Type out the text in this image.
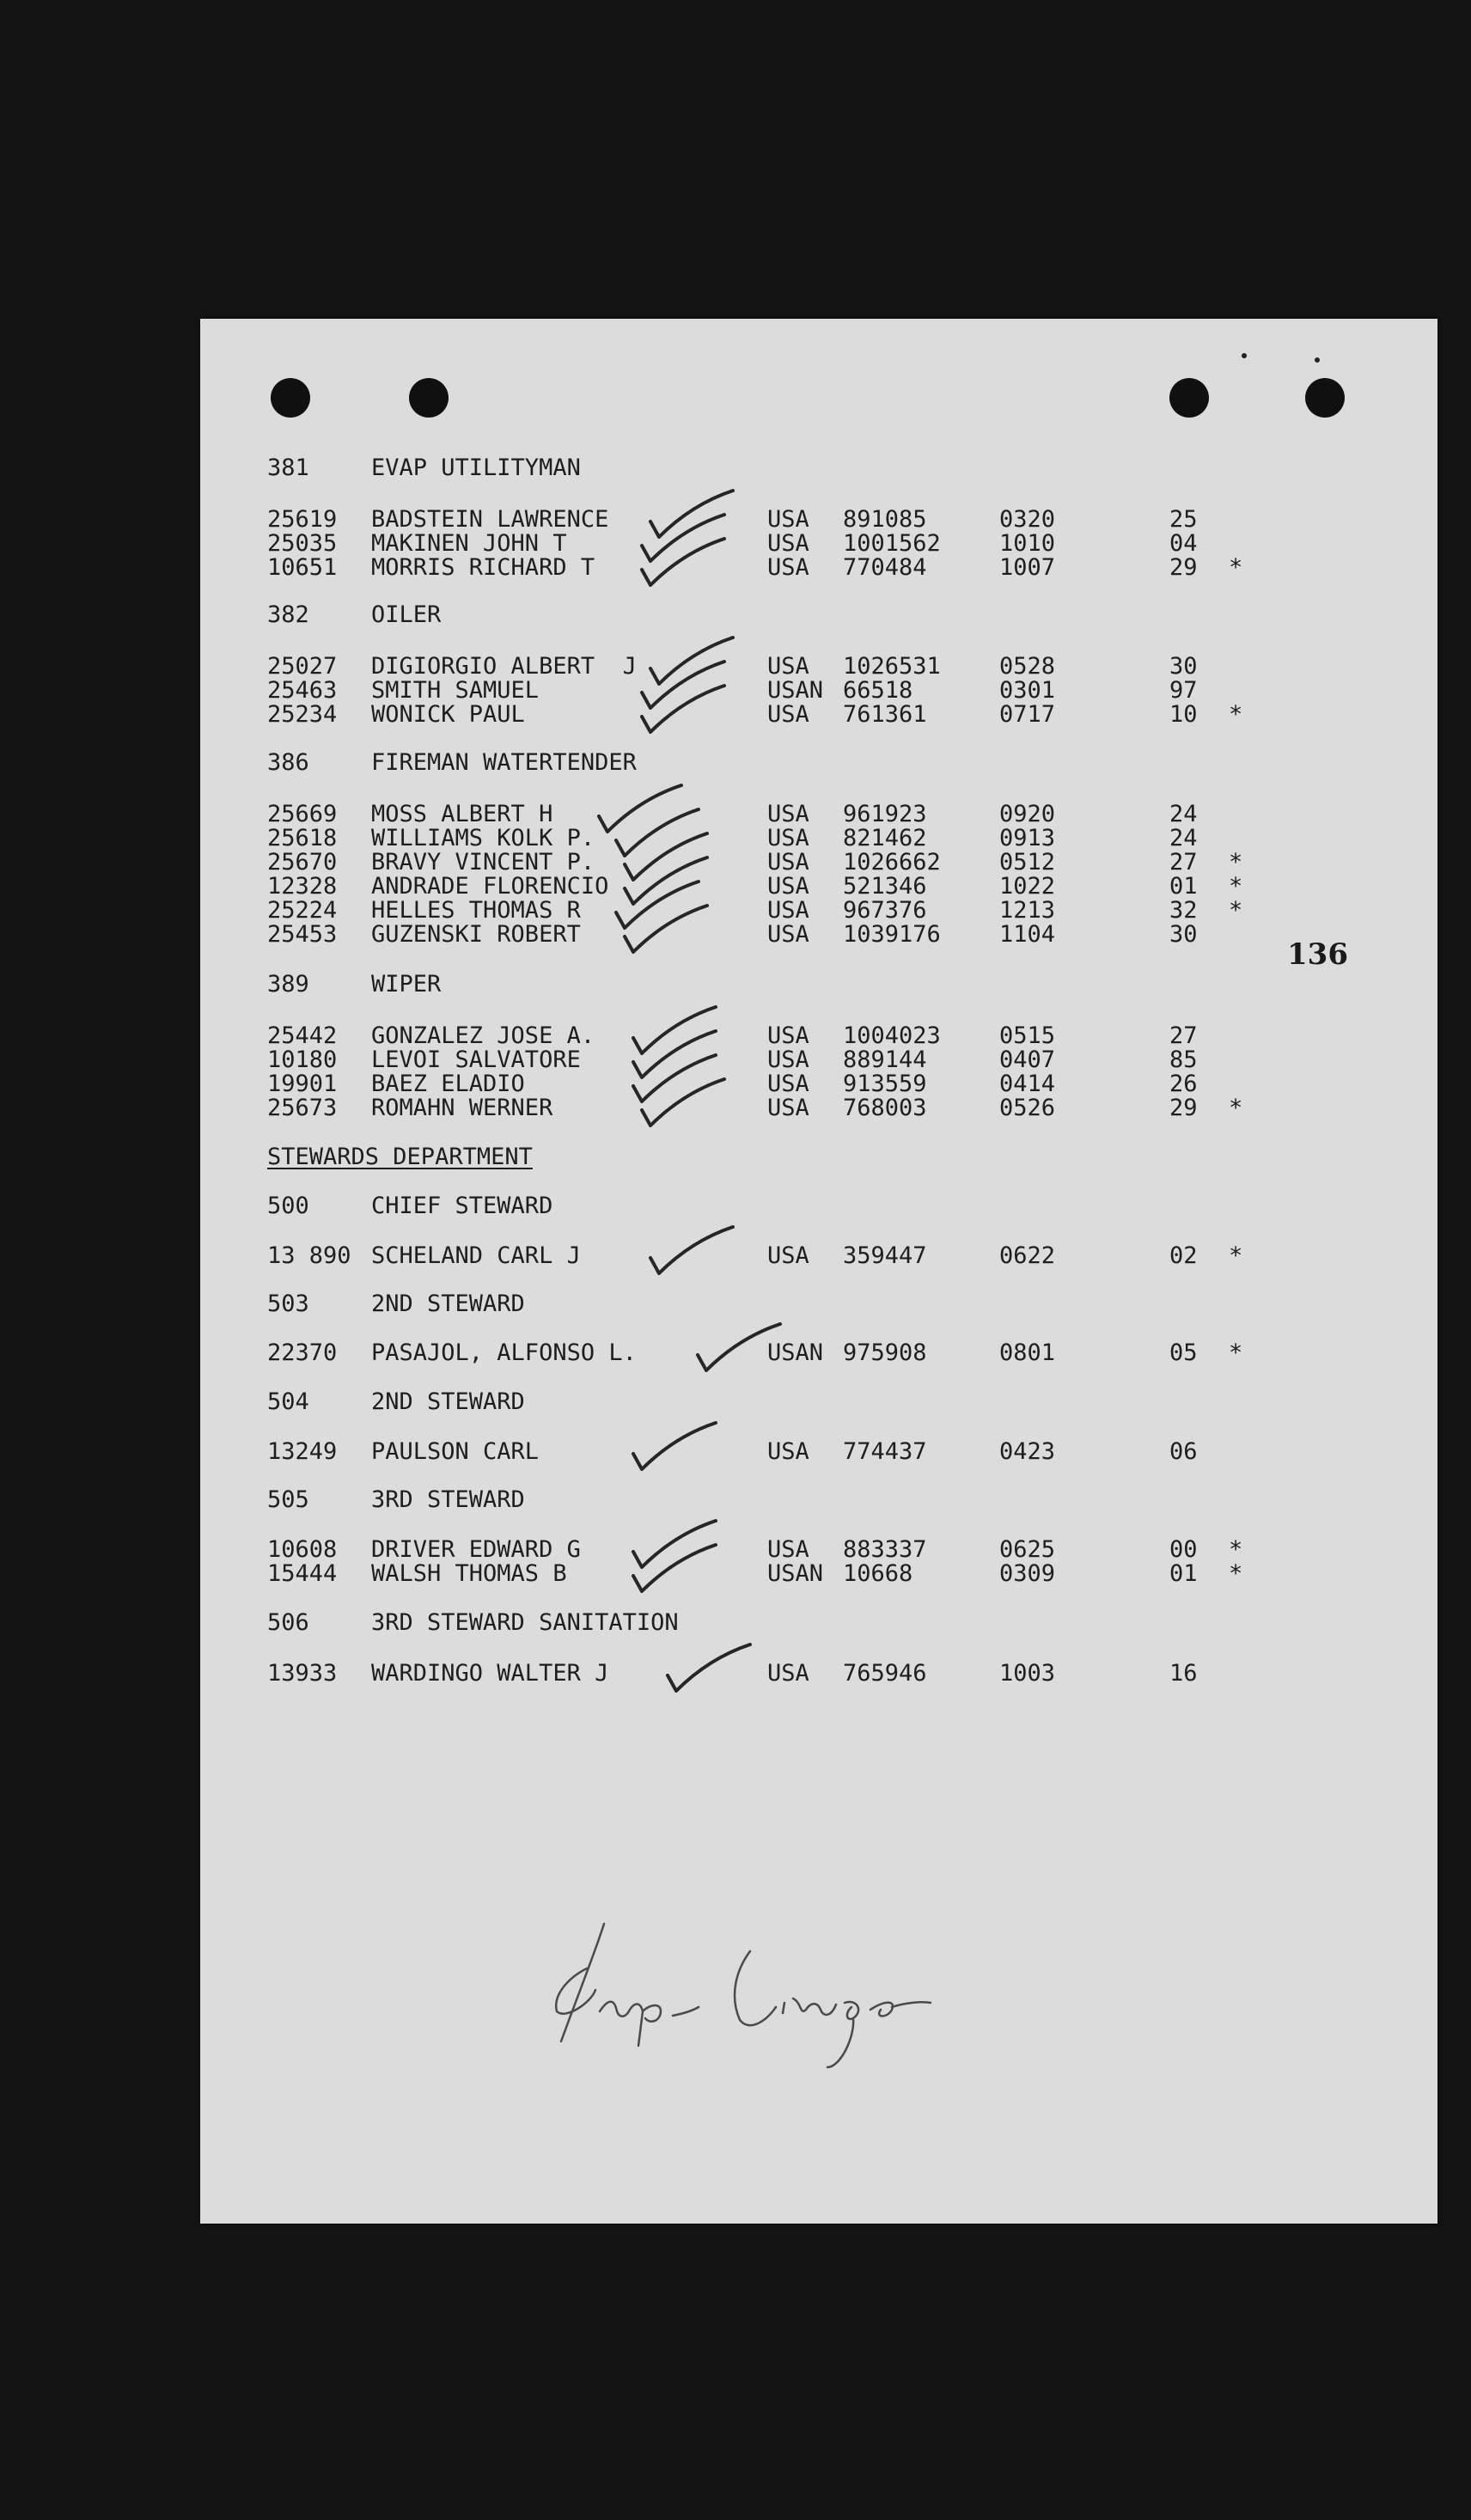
136
381	EVAP UTILITYMAN
25619 BADSTEIN LAWRENCE	USA 891085	0320	25
25035 MAKINEN JOHN T	USA 1001562	1010	04
10651 MORRIS RICHARD T	USA 770484	1007	29 *
382	OILER
25027 DIGIORGIO ALBERT  J	USA 1026531	0528	30
25463 SMITH SAMUEL	USAN 66518	0301	97
25234 WONICK PAUL	USA 761361	0717	10 *
386	FIREMAN WATERTENDER
25669 MOSS ALBERT H	USA 961923	0920	24
25618 WILLIAMS KOLK P.	USA 821462	0913	24
25670 BRAVY VINCENT P.	USA 1026662	0512	27 *
12328 ANDRADE FLORENCIO	USA 521346	1022	01 *
25224 HELLES THOMAS R	USA 967376	1213	32 *
25453 GUZENSKI ROBERT	USA 1039176	1104	30
389	WIPER
25442 GONZALEZ JOSE A.	USA 1004023	0515	27
10180 LEVOI SALVATORE	USA 889144	0407	85
19901 BAEZ ELADIO	USA 913559	0414	26
25673 ROMAHN WERNER	USA 768003	0526	29 *
STEWARDS DEPARTMENT
500	CHIEF STEWARD
13 890 SCHELAND CARL J	USA 359447	0622	02 *
503	2ND STEWARD
22370 PASAJOL, ALFONSO L.	USAN 975908	0801	05 *
504	2ND STEWARD
13249 PAULSON CARL	USA 774437	0423	06
505	3RD STEWARD
10608 DRIVER EDWARD G	USA 883337	0625	00 *
15444 WALSH THOMAS B	USAN 10668	0309	01 *
506	3RD STEWARD SANITATION
13933 WARDINGO WALTER J	USA 765946	1003	16
